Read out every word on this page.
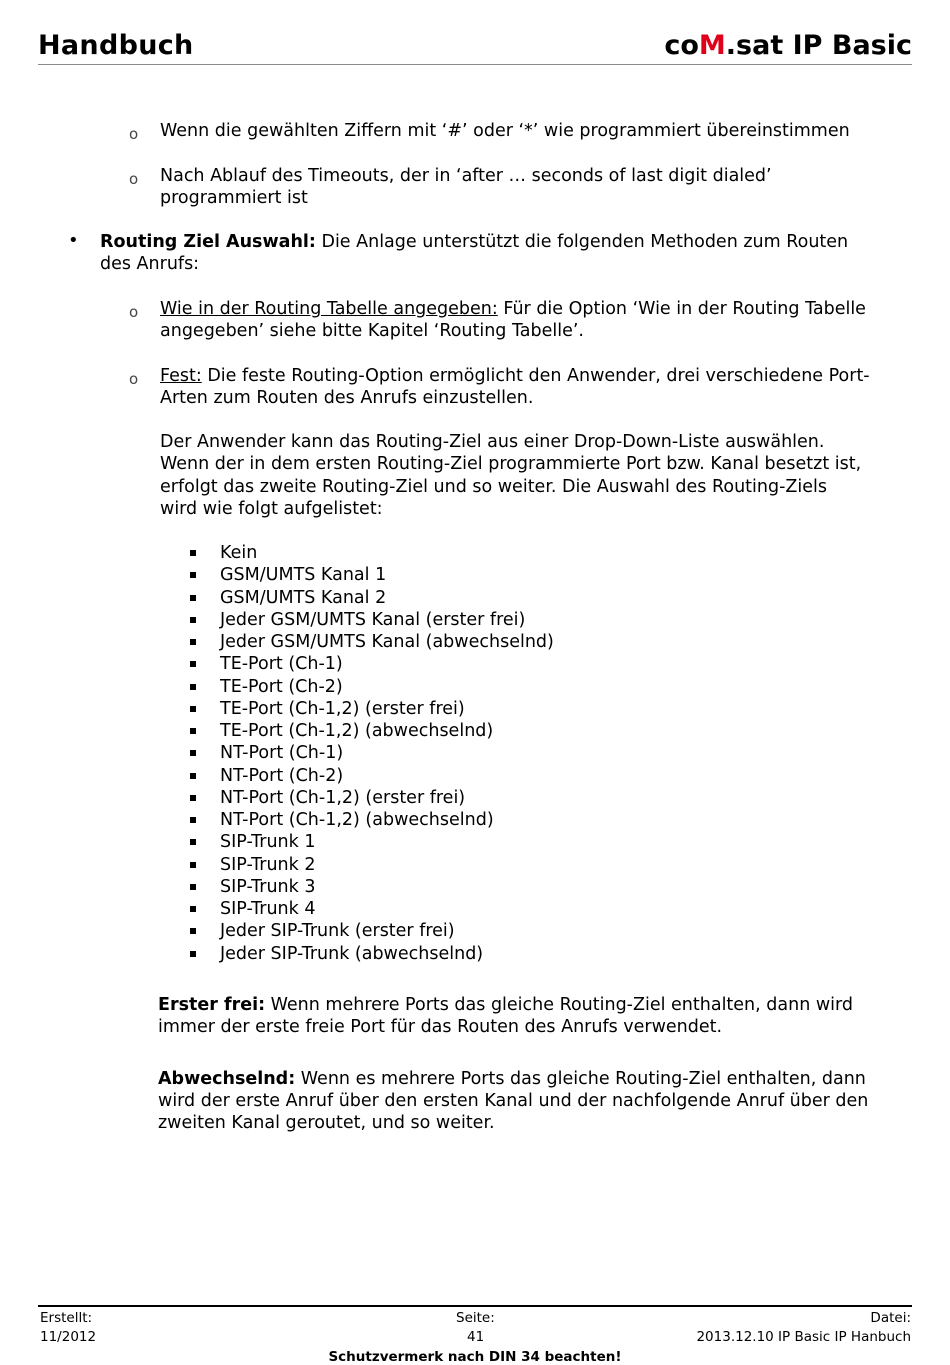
Handbuch	coM.sat IP Basic
o Wenn die gewählten Ziffern mit ‘#’ oder ‘*’ wie programmiert übereinstimmen
o Nach Ablauf des Timeouts, der in ‘after … seconds of last digit dialed’
programmiert ist
• Routing Ziel Auswahl: Die Anlage unterstützt die folgenden Methoden zum Routen
des Anrufs:
o Wie in der Routing Tabelle angegeben: Für die Option ‘Wie in der Routing Tabelle
angegeben’ siehe bitte Kapitel ‘Routing Tabelle’.
o Fest: Die feste Routing-Option ermöglicht den Anwender, drei verschiedene Port-
Arten zum Routen des Anrufs einzustellen.
Der Anwender kann das Routing-Ziel aus einer Drop-Down-Liste auswählen.
Wenn der in dem ersten Routing-Ziel programmierte Port bzw. Kanal besetzt ist,
erfolgt das zweite Routing-Ziel und so weiter. Die Auswahl des Routing-Ziels
wird wie folgt aufgelistet:
Kein
GSM/UMTS Kanal 1
GSM/UMTS Kanal 2
Jeder GSM/UMTS Kanal (erster frei)
Jeder GSM/UMTS Kanal (abwechselnd)
TE-Port (Ch-1)
TE-Port (Ch-2)
TE-Port (Ch-1,2) (erster frei)
TE-Port (Ch-1,2) (abwechselnd)
NT-Port (Ch-1)
NT-Port (Ch-2)
NT-Port (Ch-1,2) (erster frei)
NT-Port (Ch-1,2) (abwechselnd)
SIP-Trunk 1
SIP-Trunk 2
SIP-Trunk 3
SIP-Trunk 4
Jeder SIP-Trunk (erster frei)
Jeder SIP-Trunk (abwechselnd)
Erster frei: Wenn mehrere Ports das gleiche Routing-Ziel enthalten, dann wird
immer der erste freie Port für das Routen des Anrufs verwendet.
Abwechselnd: Wenn es mehrere Ports das gleiche Routing-Ziel enthalten, dann
wird der erste Anruf über den ersten Kanal und der nachfolgende Anruf über den
zweiten Kanal geroutet, und so weiter.
Erstellt:
11/2012
Seite:
41
Datei:
2013.12.10 IP Basic IP Hanbuch
Schutzvermerk nach DIN 34 beachten!
